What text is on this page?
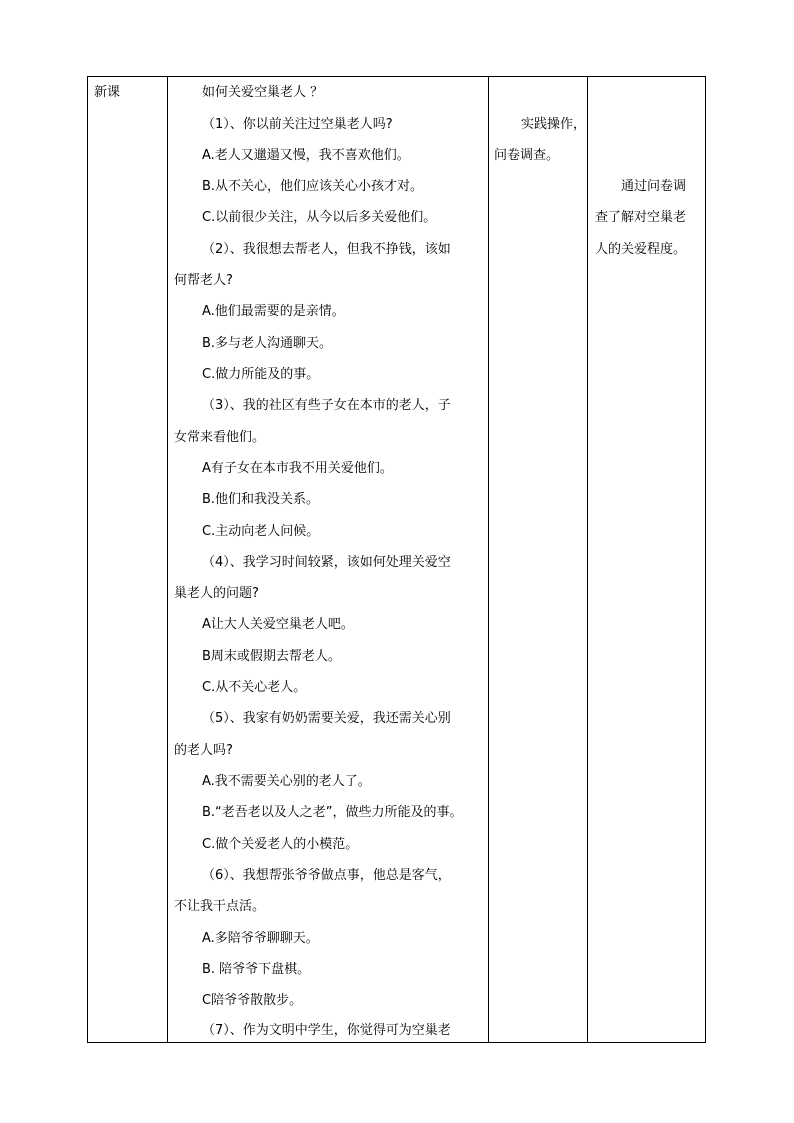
新课	如何关爱空巢老人 ？
（1）、你以前关注过空巢老人吗?
A.老人又邋遢又慢，我不喜欢他们。
B.从不关心，他们应该关心小孩才对。
C.以前很少关注，从今以后多关爱他们。
（2）、我很想去帮老人，但我不挣钱，该如
何帮老人?
A.他们最需要的是亲情。
B.多与老人沟通聊天。
C.做力所能及的事。
（3）、我的社区有些子女在本市的老人，子
女常来看他们。
A有子女在本市我不用关爱他们。
B.他们和我没关系。
C.主动向老人问候。
（4）、我学习时间较紧，该如何处理关爱空
巢老人的问题?
A让大人关爱空巢老人吧。
B周末或假期去帮老人。
C.从不关心老人。
（5）、我家有奶奶需要关爱，我还需关心别
的老人吗?
A.我不需要关心别的老人了。
B.“老吾老以及人之老”，做些力所能及的事。
C.做个关爱老人的小模范。
（6）、我想帮张爷爷做点事，他总是客气，
不让我干点活。
A.多陪爷爷聊聊天。
B. 陪爷爷下盘棋。
C陪爷爷散散步。
（7）、作为文明中学生，你觉得可为空巢老
实践操作，
问卷调查。
通过问卷调
查了解对空巢老
人的关爱程度。
